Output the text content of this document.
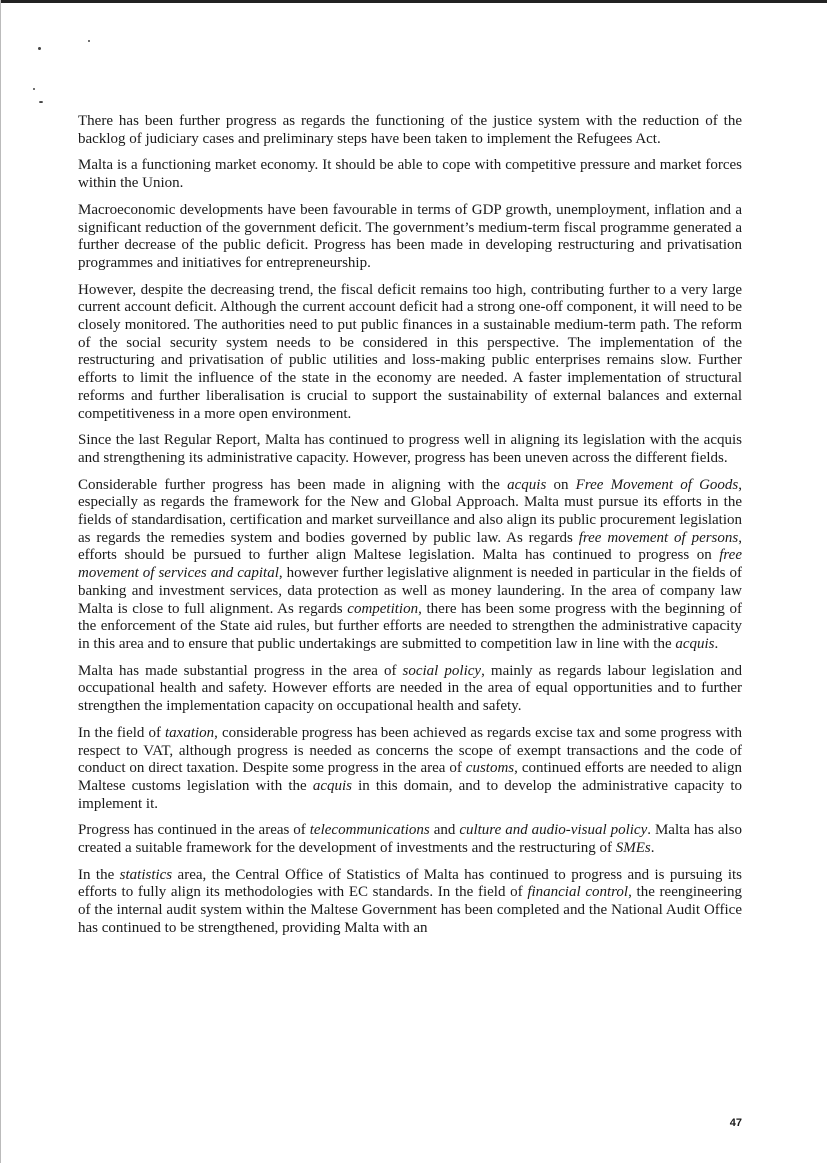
There has been further progress as regards the functioning of the justice system with the reduction of the backlog of judiciary cases and preliminary steps have been taken to implement the Refugees Act.

Malta is a functioning market economy. It should be able to cope with competitive pressure and market forces within the Union.

Macroeconomic developments have been favourable in terms of GDP growth, unemployment, inflation and a significant reduction of the government deficit. The government’s medium-term fiscal programme generated a further decrease of the public deficit. Progress has been made in developing restructuring and privatisation programmes and initiatives for entrepreneurship.

However, despite the decreasing trend, the fiscal deficit remains too high, contributing further to a very large current account deficit. Although the current account deficit had a strong one-off component, it will need to be closely monitored. The authorities need to put public finances in a sustainable medium-term path. The reform of the social security system needs to be considered in this perspective. The implementation of the restructuring and privatisation of public utilities and loss-making public enterprises remains slow. Further efforts to limit the influence of the state in the economy are needed. A faster implementation of structural reforms and further liberalisation is crucial to support the sustainability of external balances and external competitiveness in a more open environment.

Since the last Regular Report, Malta has continued to progress well in aligning its legislation with the acquis and strengthening its administrative capacity. However, progress has been uneven across the different fields.

Considerable further progress has been made in aligning with the acquis on Free Movement of Goods, especially as regards the framework for the New and Global Approach. Malta must pursue its efforts in the fields of standardisation, certification and market surveillance and also align its public procurement legislation as regards the remedies system and bodies governed by public law. As regards free movement of persons, efforts should be pursued to further align Maltese legislation. Malta has continued to progress on free movement of services and capital, however further legislative alignment is needed in particular in the fields of banking and investment services, data protection as well as money laundering. In the area of company law Malta is close to full alignment. As regards competition, there has been some progress with the beginning of the enforcement of the State aid rules, but further efforts are needed to strengthen the administrative capacity in this area and to ensure that public undertakings are submitted to competition law in line with the acquis.

Malta has made substantial progress in the area of social policy, mainly as regards labour legislation and occupational health and safety. However efforts are needed in the area of equal opportunities and to further strengthen the implementation capacity on occupational health and safety.

In the field of taxation, considerable progress has been achieved as regards excise tax and some progress with respect to VAT, although progress is needed as concerns the scope of exempt transactions and the code of conduct on direct taxation. Despite some progress in the area of customs, continued efforts are needed to align Maltese customs legislation with the acquis in this domain, and to develop the administrative capacity to implement it.

Progress has continued in the areas of telecommunications and culture and audio-visual policy. Malta has also created a suitable framework for the development of investments and the restructuring of SMEs.

In the statistics area, the Central Office of Statistics of Malta has continued to progress and is pursuing its efforts to fully align its methodologies with EC standards. In the field of financial control, the reengineering of the internal audit system within the Maltese Government has been completed and the National Audit Office has continued to be strengthened, providing Malta with an

47
